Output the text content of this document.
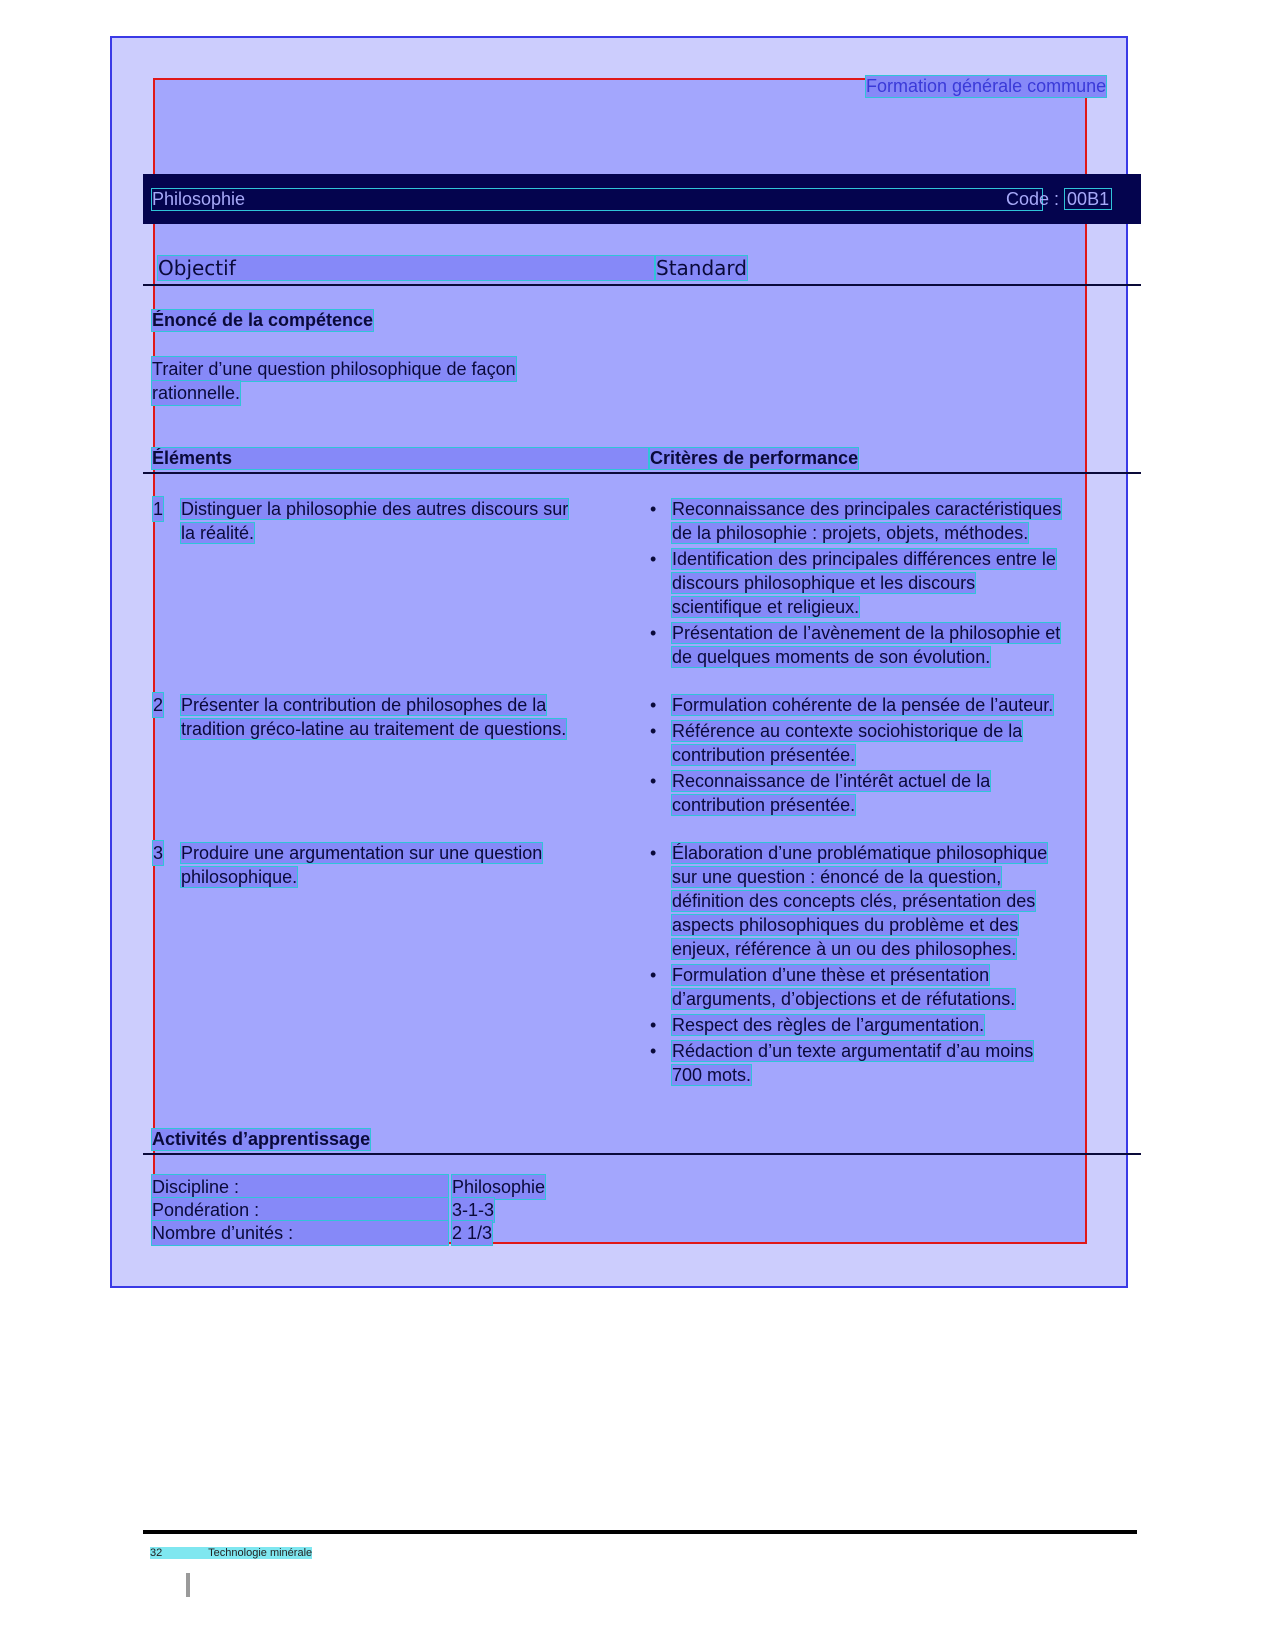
Formation générale commune
Philosophie	Code : 00B1
Objectif	Standard
Énoncé de la compétence
Traiter d’une question philosophique de façon
rationnelle.
Éléments	Critères de performance
1 Distinguer la philosophie des autres discours sur
la réalité.
• Reconnaissance des principales caractéristiques
de la philosophie : projets, objets, méthodes.
• Identification des principales différences entre le
discours philosophique et les discours
scientifique et religieux.
• Présentation de l’avènement de la philosophie et
de quelques moments de son évolution.
2 Présenter la contribution de philosophes de la
tradition gréco-latine au traitement de questions.
• Formulation cohérente de la pensée de l’auteur.
• Référence au contexte sociohistorique de la
contribution présentée.
• Reconnaissance de l’intérêt actuel de la
contribution présentée.
3 Produire une argumentation sur une question
philosophique.
• Élaboration d’une problématique philosophique
sur une question : énoncé de la question,
définition des concepts clés, présentation des
aspects philosophiques du problème et des
enjeux, référence à un ou des philosophes.
• Formulation d’une thèse et présentation
d’arguments, d’objections et de réfutations.
• Respect des règles de l’argumentation.
• Rédaction d’un texte argumentatif d’au moins
700 mots.
Activités d’apprentissage
Discipline :	Philosophie
Pondération :	3-1-3
Nombre d’unités :	2 1/3
32	Technologie minérale
